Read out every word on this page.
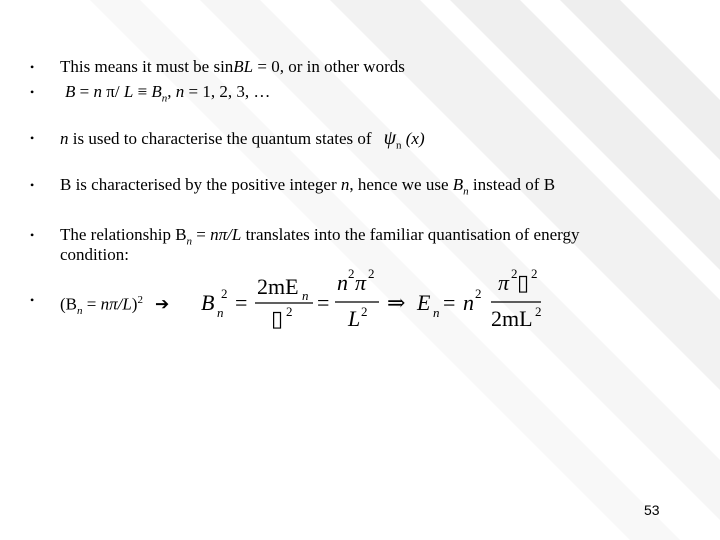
• This means it must be sinBL = 0, or in other words
• B = n π/ $L \equiv B_n$, n = 1, 2, 3, …
• n is used to characterise the quantum states of $\psi_n$ (x)
• B is characterised by the positive integer n, hence we use $B_n$ instead of B
• The relationship $B_n = n\pi/L$ translates into the familiar quantisation of energy
condition:
• $(B_n = n\pi/L)^2$ ➔ B n
2 =
2mE n
▯ 2 =
n 2 π 2
L 2 ⇒ E n = n 2 π 2 ▯ 2
2mL 2
53
